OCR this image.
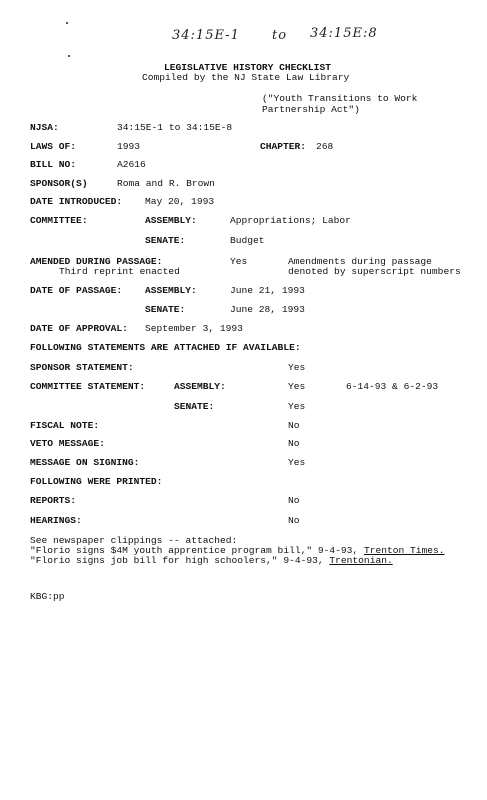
34:15E-1 to 34:15E:8
LEGISLATIVE HISTORY CHECKLIST
Compiled by the NJ State Law Library
("Youth Transitions to Work
Partnership Act")
NJSA:	34:15E-1 to 34:15E-8
LAWS OF:	1993	CHAPTER: 268
BILL NO:	A2616
SPONSOR(S)	Roma and R. Brown
DATE INTRODUCED: May 20, 1993
COMMITTEE:	ASSEMBLY:	Appropriations; Labor
SENATE:	Budget
AMENDED DURING PASSAGE:	Yes	Amendments during passage
Third reprint enacted	denoted by superscript numbers
DATE OF PASSAGE: ASSEMBLY:	June 21, 1993
SENATE:	June 28, 1993
DATE OF APPROVAL: September 3, 1993
FOLLOWING STATEMENTS ARE ATTACHED IF AVAILABLE:
SPONSOR STATEMENT:	Yes
COMMITTEE STATEMENT:	ASSEMBLY:	Yes	6-14-93 & 6-2-93
SENATE:	Yes
FISCAL NOTE:	No
VETO MESSAGE:	No
MESSAGE ON SIGNING:	Yes
FOLLOWING WERE PRINTED:
REPORTS:	No
HEARINGS:	No
See newspaper clippings -- attached:
"Florio signs $4M youth apprentice program bill," 9-4-93, Trenton Times.
"Florio signs job bill for high schoolers," 9-4-93, Trentonian.
KBG:pp
